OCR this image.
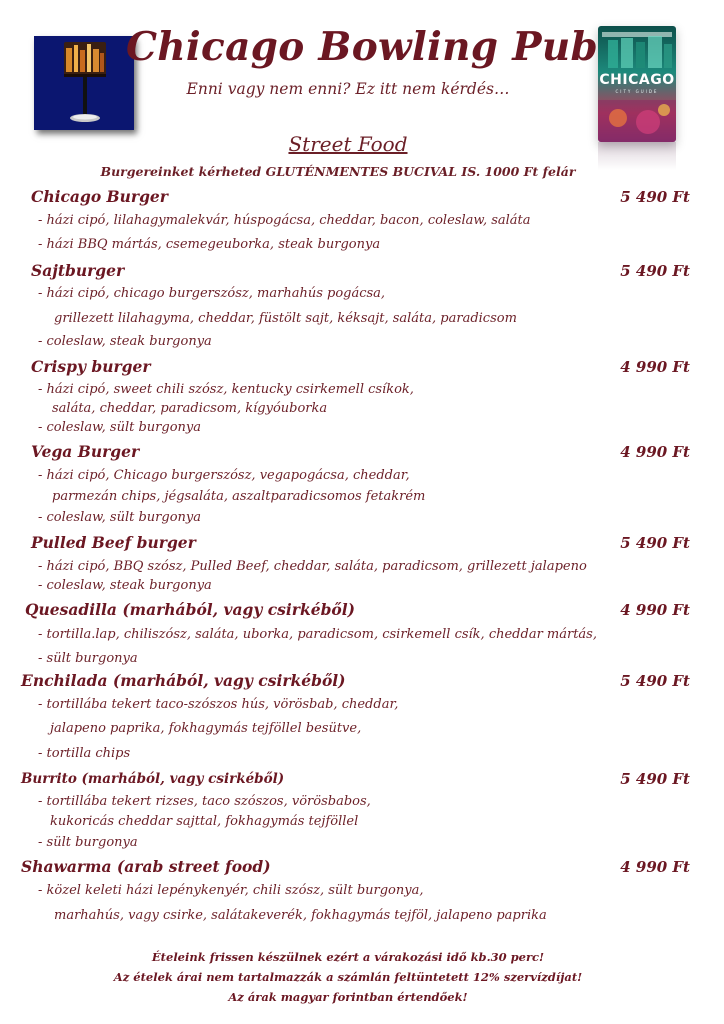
CHICAGO
CITY GUIDE
Chicago Bowling Pub
Enni vagy nem enni? Ez itt nem kérdés…
Street Food
Burgereinket kérheted GLUTÉNMENTES BUCIVAL IS. 1000 Ft felár
Chicago Burger	5 490 Ft
- házi cipó, lilahagymalekvár, húspogácsa, cheddar, bacon, coleslaw, saláta
- házi BBQ mártás, csemegeuborka, steak burgonya
Sajtburger	5 490 Ft
- házi cipó, chicago burgerszósz, marhahús pogácsa,
grillezett lilahagyma, cheddar, füstölt sajt, kéksajt, saláta, paradicsom
- coleslaw, steak burgonya
Crispy burger	4 990 Ft
- házi cipó, sweet chili szósz, kentucky csirkemell csíkok,
saláta, cheddar, paradicsom, kígyóuborka
- coleslaw, sült burgonya
Vega Burger	4 990 Ft
- házi cipó, Chicago burgerszósz, vegapogácsa, cheddar,
parmezán chips, jégsaláta, aszaltparadicsomos fetakrém
- coleslaw, sült burgonya
Pulled Beef burger	5 490 Ft
- házi cipó, BBQ szósz, Pulled Beef, cheddar, saláta, paradicsom, grillezett jalapeno
- coleslaw, steak burgonya
Quesadilla (marhából, vagy csirkéből)	4 990 Ft
- tortilla.lap, chiliszósz, saláta, uborka, paradicsom, csirkemell csík, cheddar mártás,
- sült burgonya
Enchilada (marhából, vagy csirkéből)	5 490 Ft
- tortillába tekert taco-szószos hús, vörösbab, cheddar,
jalapeno paprika, fokhagymás tejföllel besütve,
- tortilla chips
Burrito (marhából, vagy csirkéből)	5 490 Ft
- tortillába tekert rizses, taco szószos, vörösbabos,
kukoricás cheddar sajttal, fokhagymás tejföllel
- sült burgonya
Shawarma (arab street food)	4 990 Ft
- közel keleti házi lepénykenyér, chili szósz, sült burgonya,
marhahús, vagy csirke, salátakeverék, fokhagymás tejföl, jalapeno paprika
Ételeink frissen készülnek ezért a várakozási idő kb.30 perc!
Az ételek árai nem tartalmazzák a számlán feltüntetett 12% szervízdíjat!
Az árak magyar forintban értendőek!
